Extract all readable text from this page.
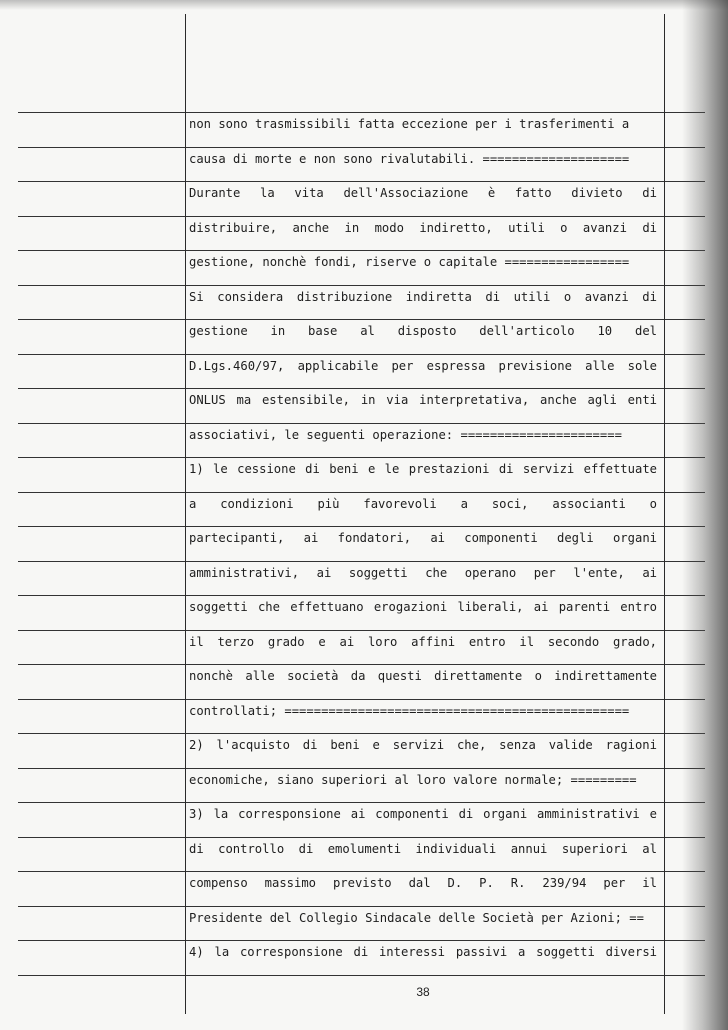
non sono trasmissibili fatta eccezione per i trasferimenti a
causa di morte e non sono rivalutabili. ====================
Durante la vita dell'Associazione è fatto divieto di
distribuire, anche in modo indiretto, utili o avanzi di
gestione, nonchè fondi, riserve o capitale =================
Si considera distribuzione indiretta di utili o avanzi di
gestione in base al disposto dell'articolo 10 del
D.Lgs.460/97, applicabile per espressa previsione alle sole
ONLUS ma estensibile, in via interpretativa, anche agli enti
associativi, le seguenti operazione: ======================
1) le cessione di beni e le prestazioni di servizi effettuate
a condizioni più favorevoli a soci, associanti o
partecipanti, ai fondatori, ai componenti degli organi
amministrativi, ai soggetti che operano per l'ente, ai
soggetti che effettuano erogazioni liberali, ai parenti entro
il terzo grado e ai loro affini entro il secondo grado,
nonchè alle società da questi direttamente o indirettamente
controllati; ===============================================
2) l'acquisto di beni e servizi che, senza valide ragioni
economiche, siano superiori al loro valore normale; =========
3) la corresponsione ai componenti di organi amministrativi e
di controllo di emolumenti individuali annui superiori al
compenso massimo previsto dal D. P. R. 239/94 per il
Presidente del Collegio Sindacale delle Società per Azioni; ==
4) la corresponsione di interessi passivi a soggetti diversi
38
